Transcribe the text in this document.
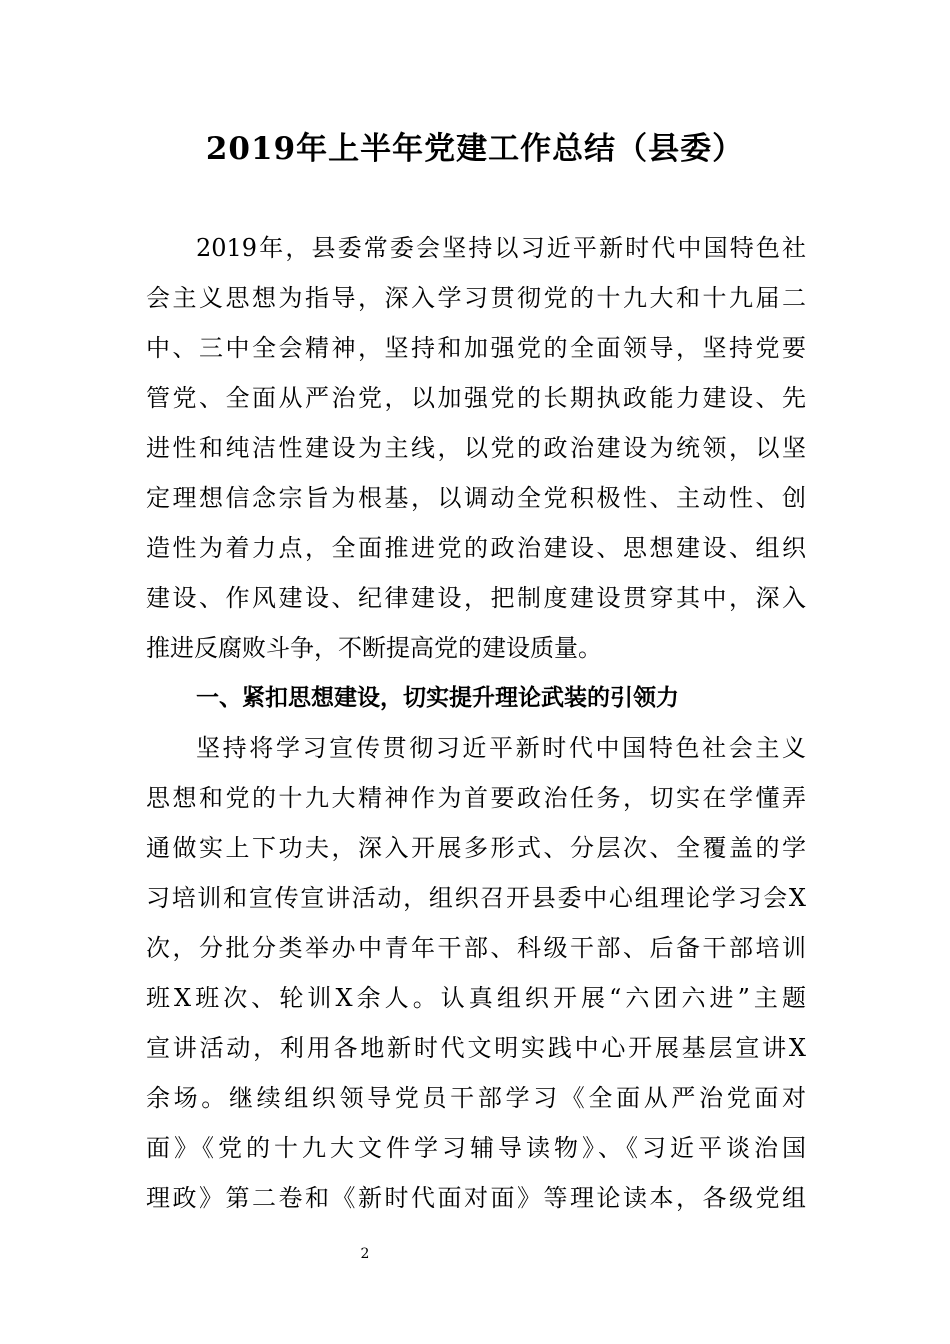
2019年上半年党建工作总结（县委）

2019年，县委常委会坚持以习近平新时代中国特色社

会主义思想为指导，深入学习贯彻党的十九大和十九届二

中、三中全会精神，坚持和加强党的全面领导，坚持党要

管党、全面从严治党，以加强党的长期执政能力建设、先

进性和纯洁性建设为主线，以党的政治建设为统领，以坚

定理想信念宗旨为根基，以调动全党积极性、主动性、创

造性为着力点，全面推进党的政治建设、思想建设、组织

建设、作风建设、纪律建设，把制度建设贯穿其中，深入

推进反腐败斗争，不断提高党的建设质量。

一、紧扣思想建设，切实提升理论武装的引领力

坚持将学习宣传贯彻习近平新时代中国特色社会主义

思想和党的十九大精神作为首要政治任务，切实在学懂弄

通做实上下功夫，深入开展多形式、分层次、全覆盖的学

习培训和宣传宣讲活动，组织召开县委中心组理论学习会X

次，分批分类举办中青年干部、科级干部、后备干部培训

班X班次、轮训X余人。认真组织开展“六团六进”主题

宣讲活动，利用各地新时代文明实践中心开展基层宣讲X

余场。继续组织领导党员干部学习《全面从严治党面对

面》《党的十九大文件学习辅导读物》、《习近平谈治国

理政》第二卷和《新时代面对面》等理论读本，各级党组

2
